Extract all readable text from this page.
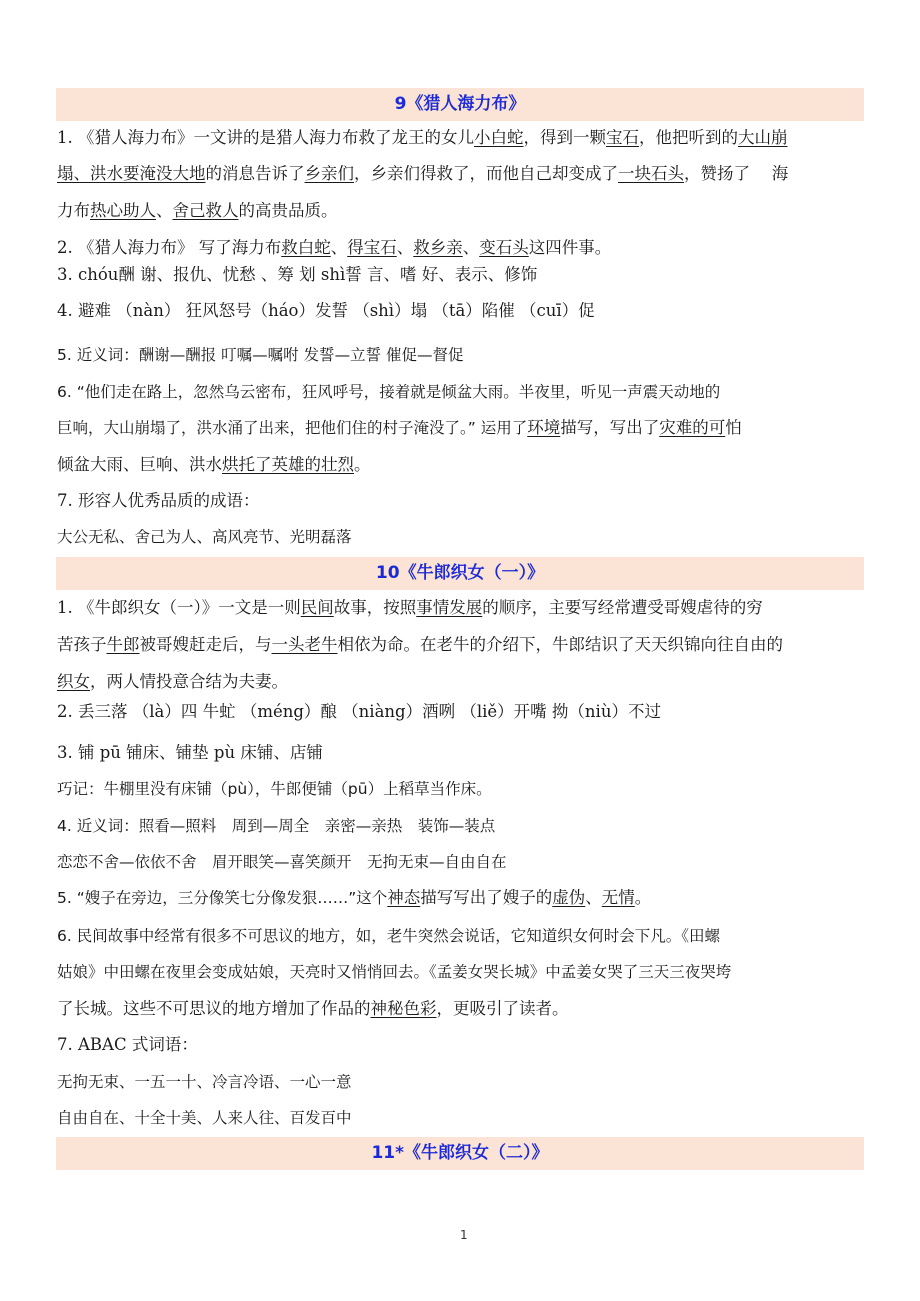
9《猎人海力布》
1. 《猎人海力布》一文讲的是猎人海力布救了龙王的女儿小白蛇，得到一颗宝石，他把听到的大山崩
塌、洪水要淹没大地的消息告诉了乡亲们，乡亲们得救了，而他自己却变成了一块石头，赞扬了　 海
力布热心助人、舍己救人的高贵品质。
2. 《猎人海力布》 写了海力布救白蛇、得宝石、救乡亲、变石头这四件事。
3. chóu酬 谢、报仇、忧愁 、筹 划 shì誓 言、嗜 好、表示、修饰
4. 避难 （nàn） 狂风怒号（háo）发誓 （shì）塌 （tā）陷催 （cuī）促
5. 近义词：酬谢—酬报 叮嘱—嘱咐 发誓—立誓 催促—督促
6. “他们走在路上，忽然乌云密布，狂风呼号，接着就是倾盆大雨。半夜里，听见一声震天动地的
巨响，大山崩塌了，洪水涌了出来，把他们住的村子淹没了。” 运用了环境描写，写出了灾难的可怕
倾盆大雨、巨响、洪水烘托了英雄的壮烈。
7. 形容人优秀品质的成语：
大公无私、舍己为人、高风亮节、光明磊落
10《牛郎织女（一）》
1. 《牛郎织女（一）》一文是一则民间故事，按照事情发展的顺序，主要写经常遭受哥嫂虐待的穷
苦孩子牛郎被哥嫂赶走后，与一头老牛相依为命。在老牛的介绍下，牛郎结识了天天织锦向往自由的
织女，两人情投意合结为夫妻。
2. 丢三落 （là）四 牛虻 （méng）酿 （niàng）酒咧 （liě）开嘴 拗（niù）不过
3. 铺 pū 铺床、铺垫 pù 床铺、店铺
巧记：牛棚里没有床铺（pù），牛郎便铺（pū）上稻草当作床。
4. 近义词：照看—照料　周到—周全　亲密—亲热　装饰—装点
恋恋不舍—依依不舍　眉开眼笑—喜笑颜开　无拘无束—自由自在
5. “嫂子在旁边，三分像笑七分像发狠……”这个神态描写写出了嫂子的虚伪、无情。
6. 民间故事中经常有很多不可思议的地方，如，老牛突然会说话，它知道织女何时会下凡。《田螺
姑娘》中田螺在夜里会变成姑娘，天亮时又悄悄回去。《孟姜女哭长城》中孟姜女哭了三天三夜哭垮
了长城。这些不可思议的地方增加了作品的神秘色彩，更吸引了读者。
7. ABAC 式词语：
无拘无束、一五一十、冷言冷语、一心一意
自由自在、十全十美、人来人往、百发百中
11*《牛郎织女（二）》
1
